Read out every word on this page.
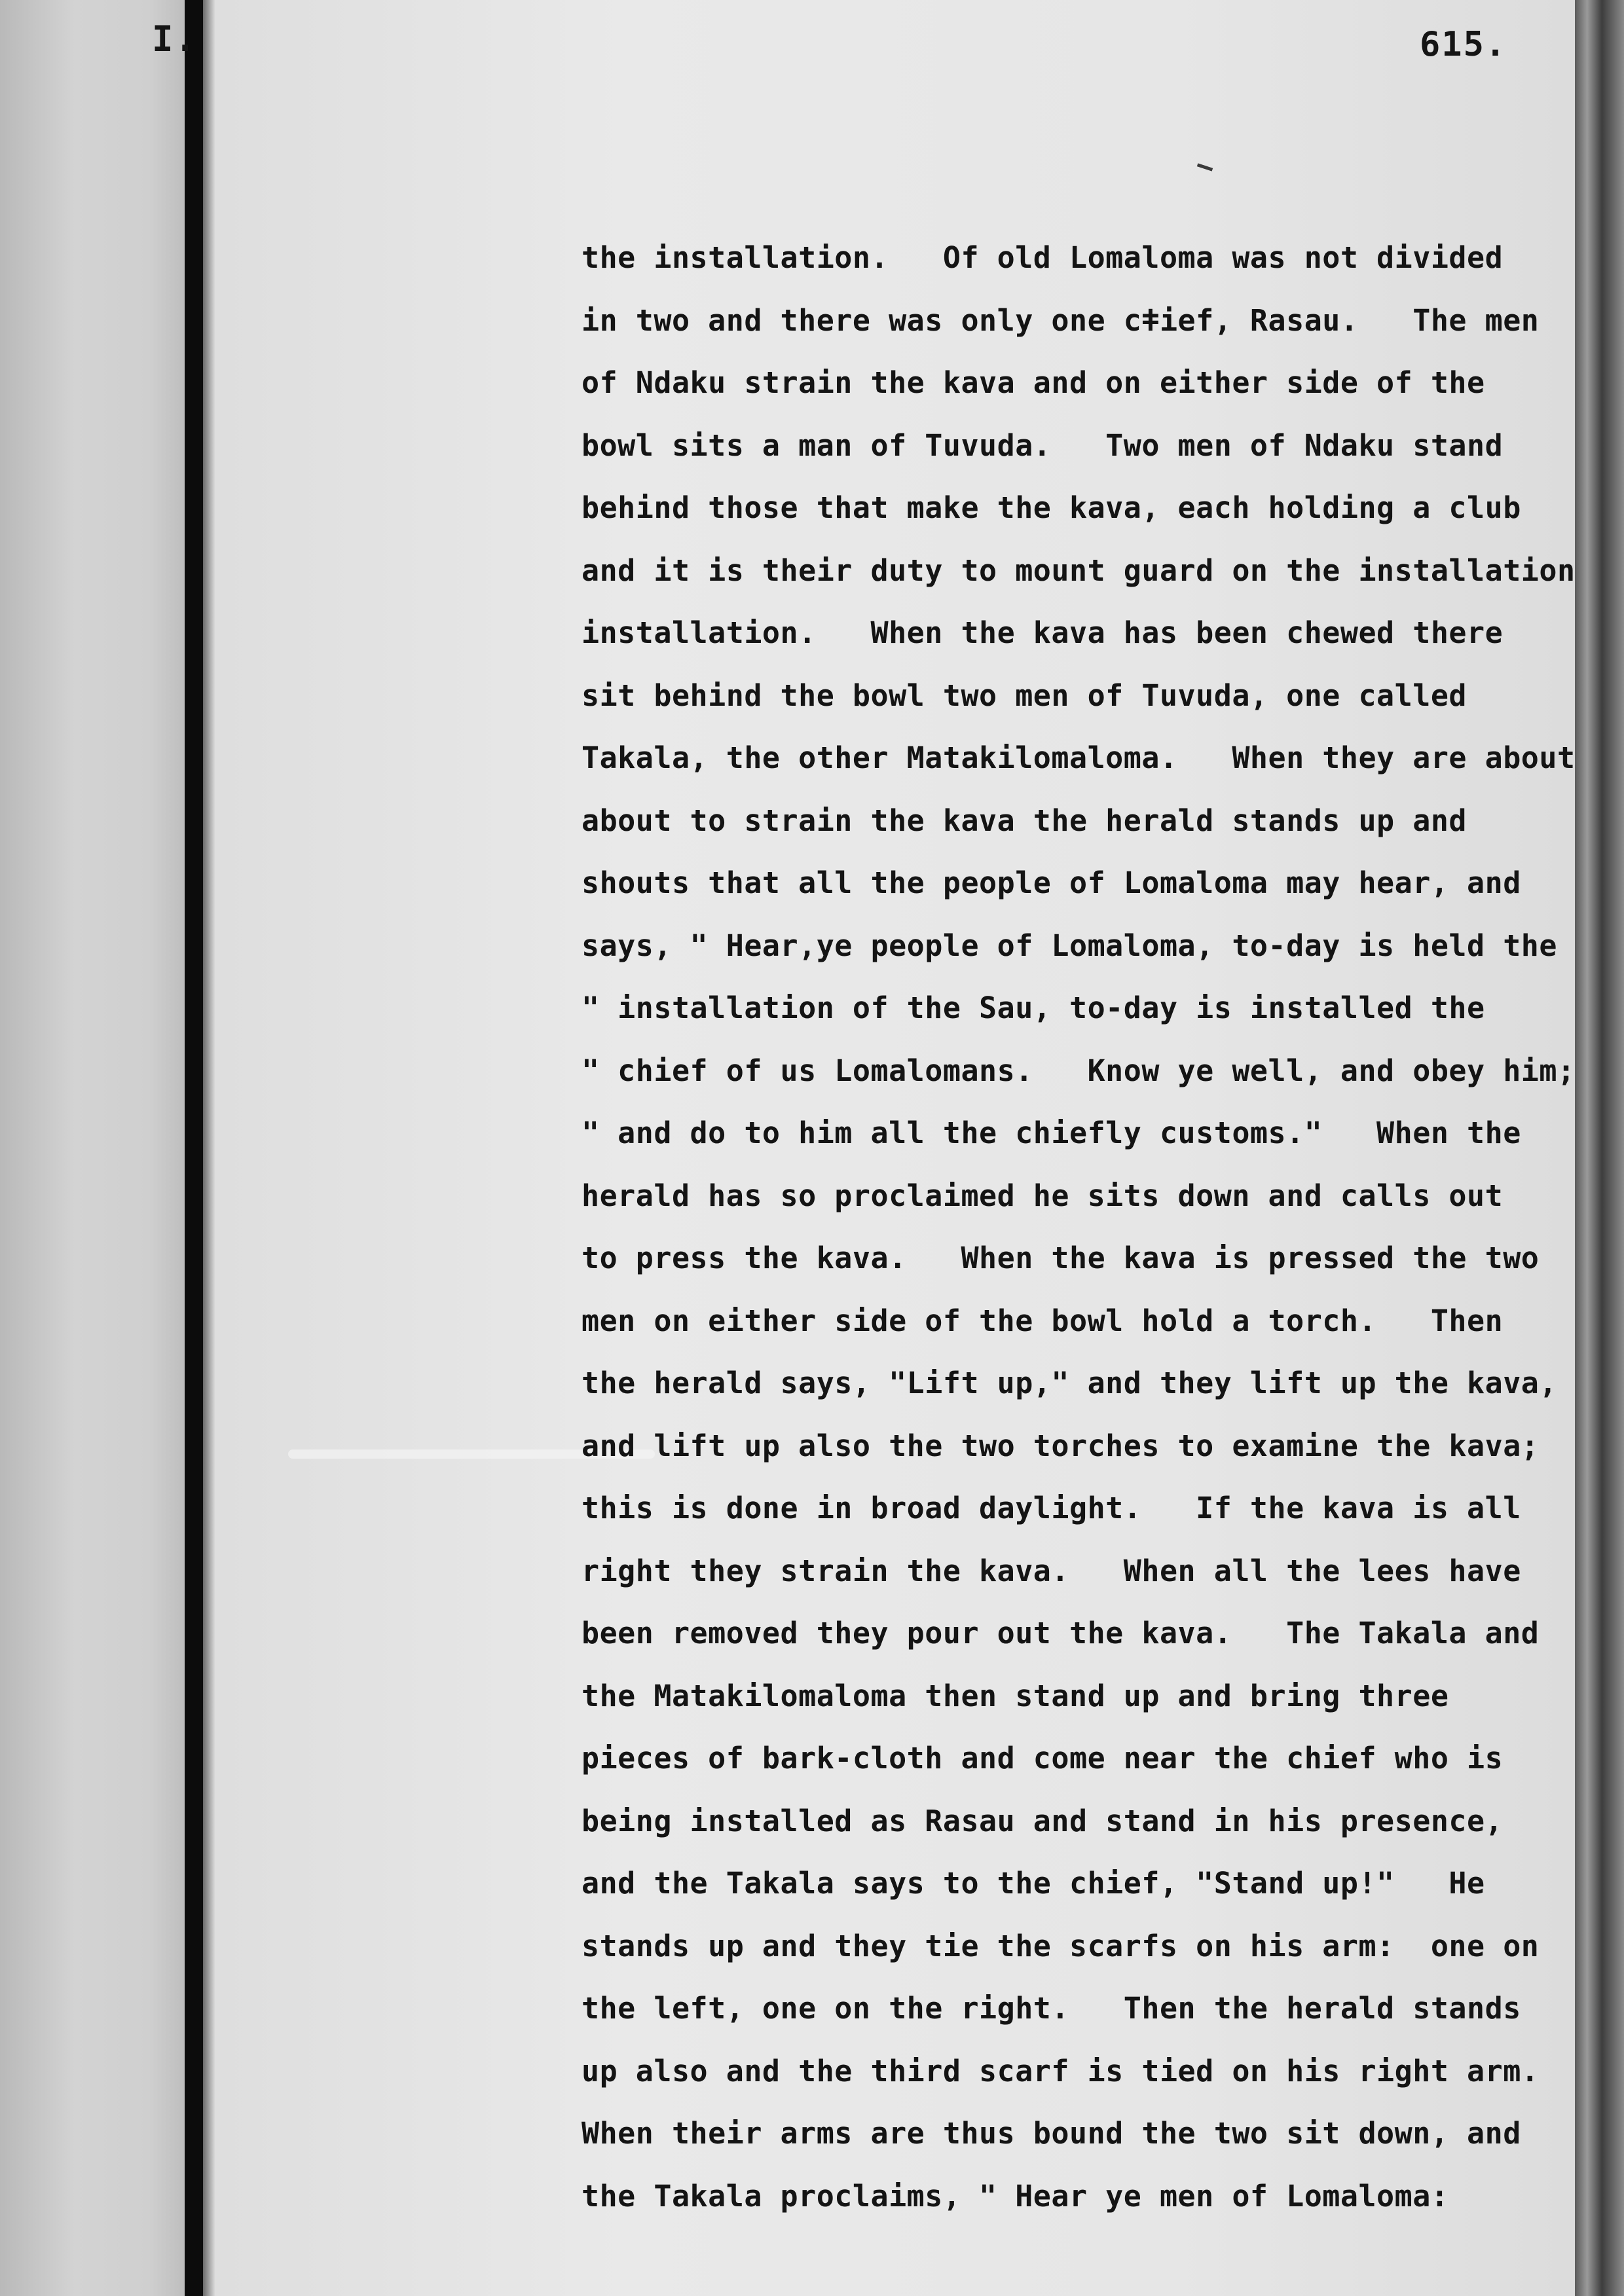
I.	615.
the installation.   Of old Lomaloma was not divided
in two and there was only one cǂief, Rasau.   The men
of Ndaku strain the kava and on either side of the
bowl sits a man of Tuvuda.   Two men of Ndaku stand
behind those that make the kava, each holding a club
and it is their duty to mount guard on the installation
installation.   When the kava has been chewed there
sit behind the bowl two men of Tuvuda, one called
Takala, the other Matakilomaloma.   When they are about
about to strain the kava the herald stands up and
shouts that all the people of Lomaloma may hear, and
says, " Hear,ye people of Lomaloma, to-day is held the
" installation of the Sau, to-day is installed the
" chief of us Lomalomans.   Know ye well, and obey him;
" and do to him all the chiefly customs."   When the
herald has so proclaimed he sits down and calls out
to press the kava.   When the kava is pressed the two
men on either side of the bowl hold a torch.   Then
the herald says, "Lift up," and they lift up the kava,
and lift up also the two torches to examine the kava;
this is done in broad daylight.   If the kava is all
right they strain the kava.   When all the lees have
been removed they pour out the kava.   The Takala and
the Matakilomaloma then stand up and bring three
pieces of bark-cloth and come near the chief who is
being installed as Rasau and stand in his presence,
and the Takala says to the chief, "Stand up!"   He
stands up and they tie the scarfs on his arm:  one on
the left, one on the right.   Then the herald stands
up also and the third scarf is tied on his right arm.
When their arms are thus bound the two sit down, and
the Takala proclaims, " Hear ye men of Lomaloma:
